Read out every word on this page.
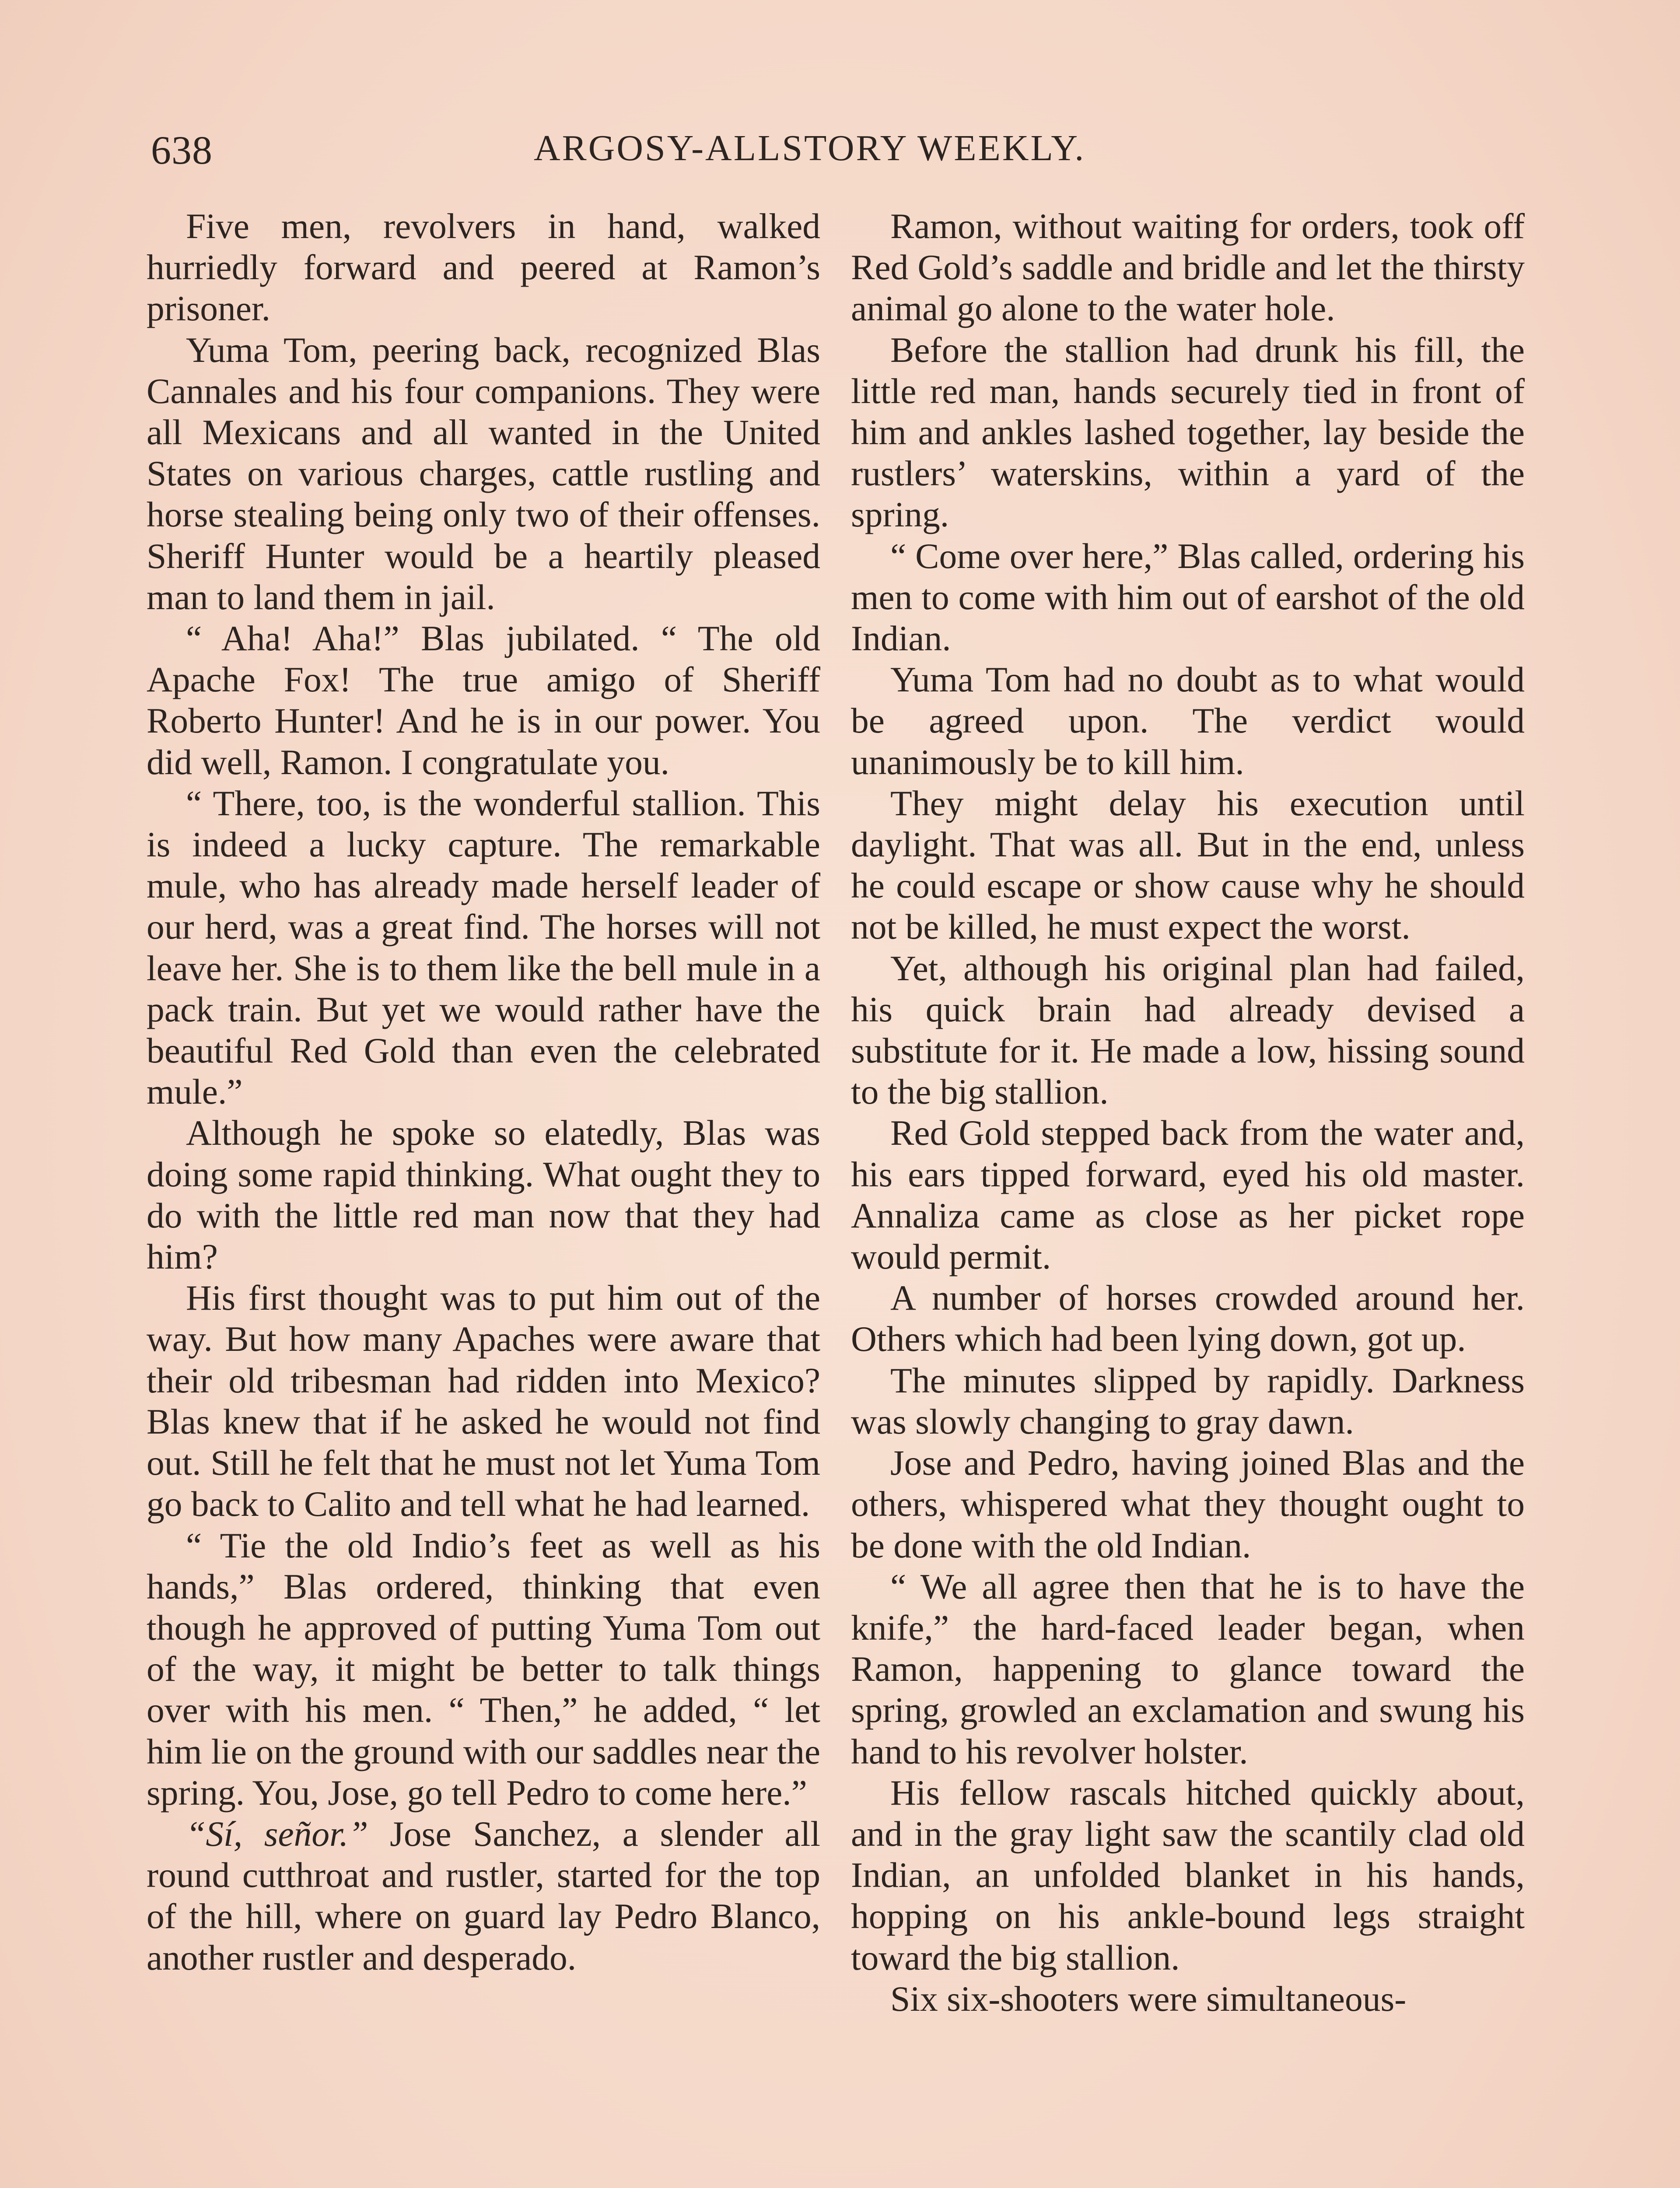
638	ARGOSY-ALLSTORY WEEKLY.

Five men, revolvers in hand, walked hurriedly forward and peered at Ramon’s prisoner.

Yuma Tom, peering back, recognized Blas Cannales and his four companions. They were all Mexicans and all wanted in the United States on various charges, cattle rustling and horse stealing being only two of their offenses. Sheriff Hunter would be a heartily pleased man to land them in jail.

“ Aha! Aha!” Blas jubilated. “ The old Apache Fox! The true amigo of Sheriff Roberto Hunter! And he is in our power. You did well, Ramon. I congratulate you.

“ There, too, is the wonderful stallion. This is indeed a lucky capture. The remarkable mule, who has already made herself leader of our herd, was a great find. The horses will not leave her. She is to them like the bell mule in a pack train. But yet we would rather have the beautiful Red Gold than even the celebrated mule.”

Although he spoke so elatedly, Blas was doing some rapid thinking. What ought they to do with the little red man now that they had him?

His first thought was to put him out of the way. But how many Apaches were aware that their old tribesman had ridden into Mexico? Blas knew that if he asked he would not find out. Still he felt that he must not let Yuma Tom go back to Calito and tell what he had learned.

“ Tie the old Indio’s feet as well as his hands,” Blas ordered, thinking that even though he approved of putting Yuma Tom out of the way, it might be better to talk things over with his men. “ Then,” he added, “ let him lie on the ground with our saddles near the spring. You, Jose, go tell Pedro to come here.”

“Sí, señor.” Jose Sanchez, a slender all round cutthroat and rustler, started for the top of the hill, where on guard lay Pedro Blanco, another rustler and desperado.

Ramon, without waiting for orders, took off Red Gold’s saddle and bridle and let the thirsty animal go alone to the water hole.

Before the stallion had drunk his fill, the little red man, hands securely tied in front of him and ankles lashed together, lay beside the rustlers’ waterskins, within a yard of the spring.

“ Come over here,” Blas called, ordering his men to come with him out of earshot of the old Indian.

Yuma Tom had no doubt as to what would be agreed upon. The verdict would unanimously be to kill him.

They might delay his execution until daylight. That was all. But in the end, unless he could escape or show cause why he should not be killed, he must expect the worst.

Yet, although his original plan had failed, his quick brain had already devised a substitute for it. He made a low, hissing sound to the big stallion.

Red Gold stepped back from the water and, his ears tipped forward, eyed his old master. Annaliza came as close as her picket rope would permit.

A number of horses crowded around her. Others which had been lying down, got up.

The minutes slipped by rapidly. Darkness was slowly changing to gray dawn.

Jose and Pedro, having joined Blas and the others, whispered what they thought ought to be done with the old Indian.

“ We all agree then that he is to have the knife,” the hard-faced leader began, when Ramon, happening to glance toward the spring, growled an exclamation and swung his hand to his revolver holster.

His fellow rascals hitched quickly about, and in the gray light saw the scantily clad old Indian, an unfolded blanket in his hands, hopping on his ankle-bound legs straight toward the big stallion.

Six six-shooters were simultaneous-
